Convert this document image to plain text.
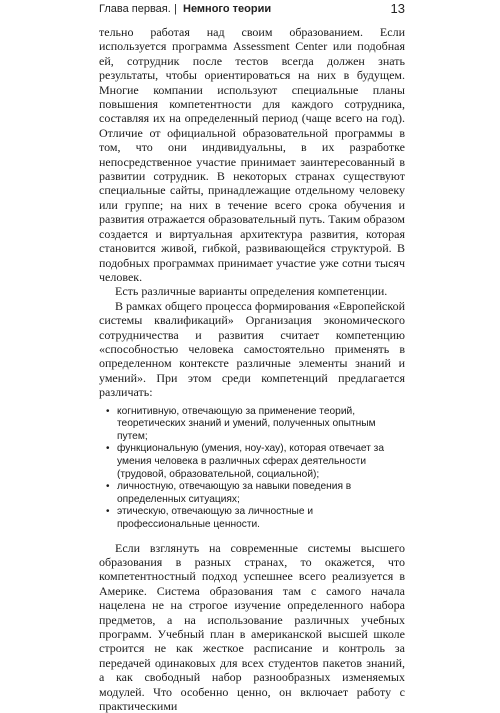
Глава первая. | Немного теории	13

тельно работая над своим образованием. Если используется программа Assessment Center или подобная ей, сотрудник после тестов всегда должен знать результаты, чтобы ориентироваться на них в будущем. Многие компании используют специальные планы повышения компетентности для каждого сотрудника, составляя их на определенный период (чаще всего на год). Отличие от официальной образовательной программы в том, что они индивидуальны, в их разработке непосредственное участие принимает заинтересованный в развитии сотрудник. В некоторых странах существуют специальные сайты, принадлежащие отдельному человеку или группе; на них в течение всего срока обучения и развития отражается образовательный путь. Таким образом создается и виртуальная архитектура развития, которая становится живой, гибкой, развивающейся структурой. В подобных программах принимает участие уже сотни тысяч человек.

Есть различные варианты определения компетенции.

В рамках общего процесса формирования «Европейской системы квалификаций» Организация экономического сотрудничества и развития считает компетенцию «способностью человека самостоятельно применять в определенном контексте различные элементы знаний и умений». При этом среди компетенций предлагается различать:

• когнитивную, отвечающую за применение теорий, теоретических знаний и умений, полученных опытным путем;
• функциональную (умения, ноу-хау), которая отвечает за умения человека в различных сферах деятельности (трудовой, образовательной, социальной);
• личностную, отвечающую за навыки поведения в определенных ситуациях;
• этическую, отвечающую за личностные и профессиональные ценности.

Если взглянуть на современные системы высшего образования в разных странах, то окажется, что компетентностный подход успешнее всего реализуется в Америке. Система образования там с самого начала нацелена не на строгое изучение определенного набора предметов, а на использование различных учебных программ. Учебный план в американской высшей школе строится не как жесткое расписание и контроль за передачей одинаковых для всех студентов пакетов знаний, а как свободный набор разнообразных изменяемых модулей. Что особенно ценно, он включает работу с практическими
